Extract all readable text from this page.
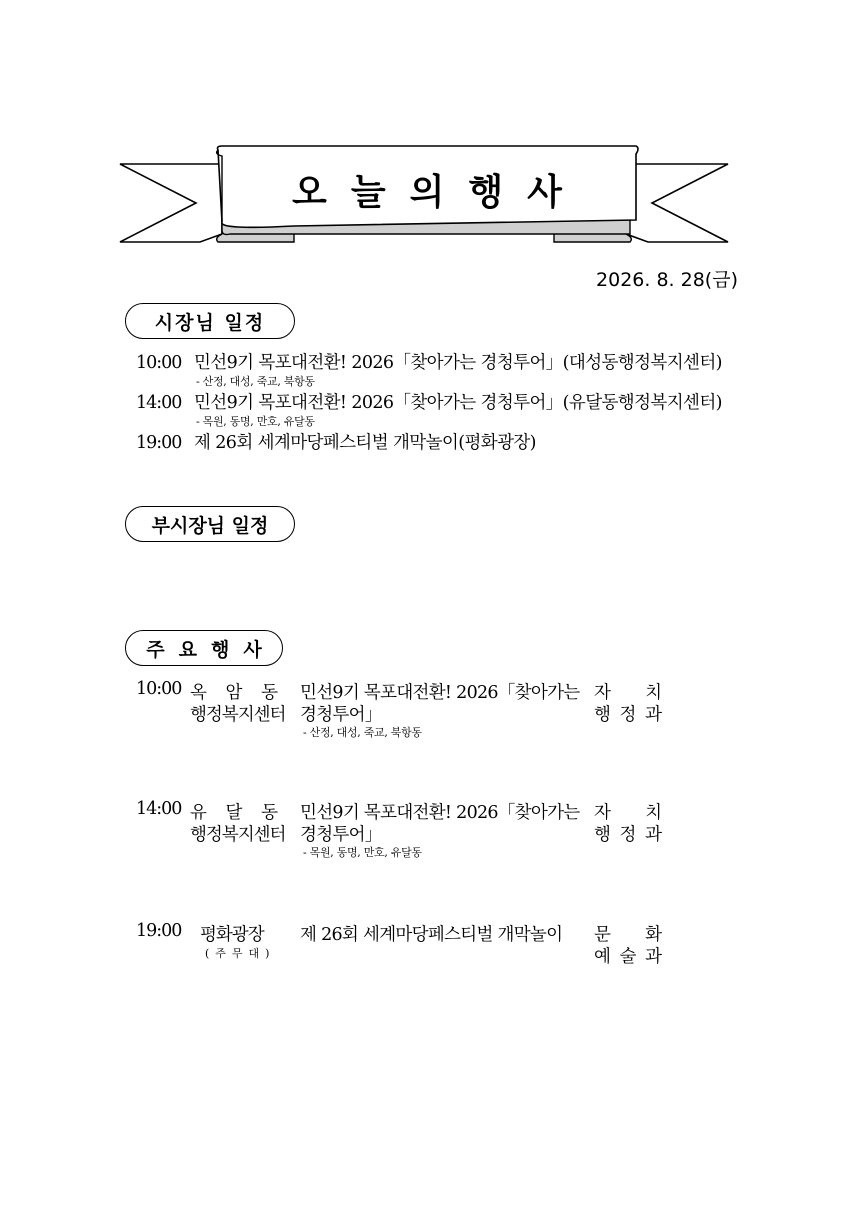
오늘의행사
2026. 8. 28(금)
시장님 일정
10:00 민선9기 목포대전환! 2026「찾아가는 경청투어」(대성동행정복지센터)
- 산정, 대성, 죽교, 북항동
14:00 민선9기 목포대전환! 2026「찾아가는 경청투어」(유달동행정복지센터)
- 목원, 동명, 만호, 유달동
19:00 제 26회 세계마당페스티벌 개막놀이(평화광장)
부시장님 일정
주요행사
10:00 옥 암 동
행정복지센터
민선9기 목포대전환! 2026「찾아가는
경청투어」
- 산정, 대성, 죽교, 북항동
자 치
행 정 과
14:00 유 달 동
행정복지센터
민선9기 목포대전환! 2026「찾아가는
경청투어」
- 목원, 동명, 만호, 유달동
자 치
행 정 과
19:00 평화광장
(주무대)
제 26회 세계마당페스티벌 개막놀이 문 화
예 술 과
